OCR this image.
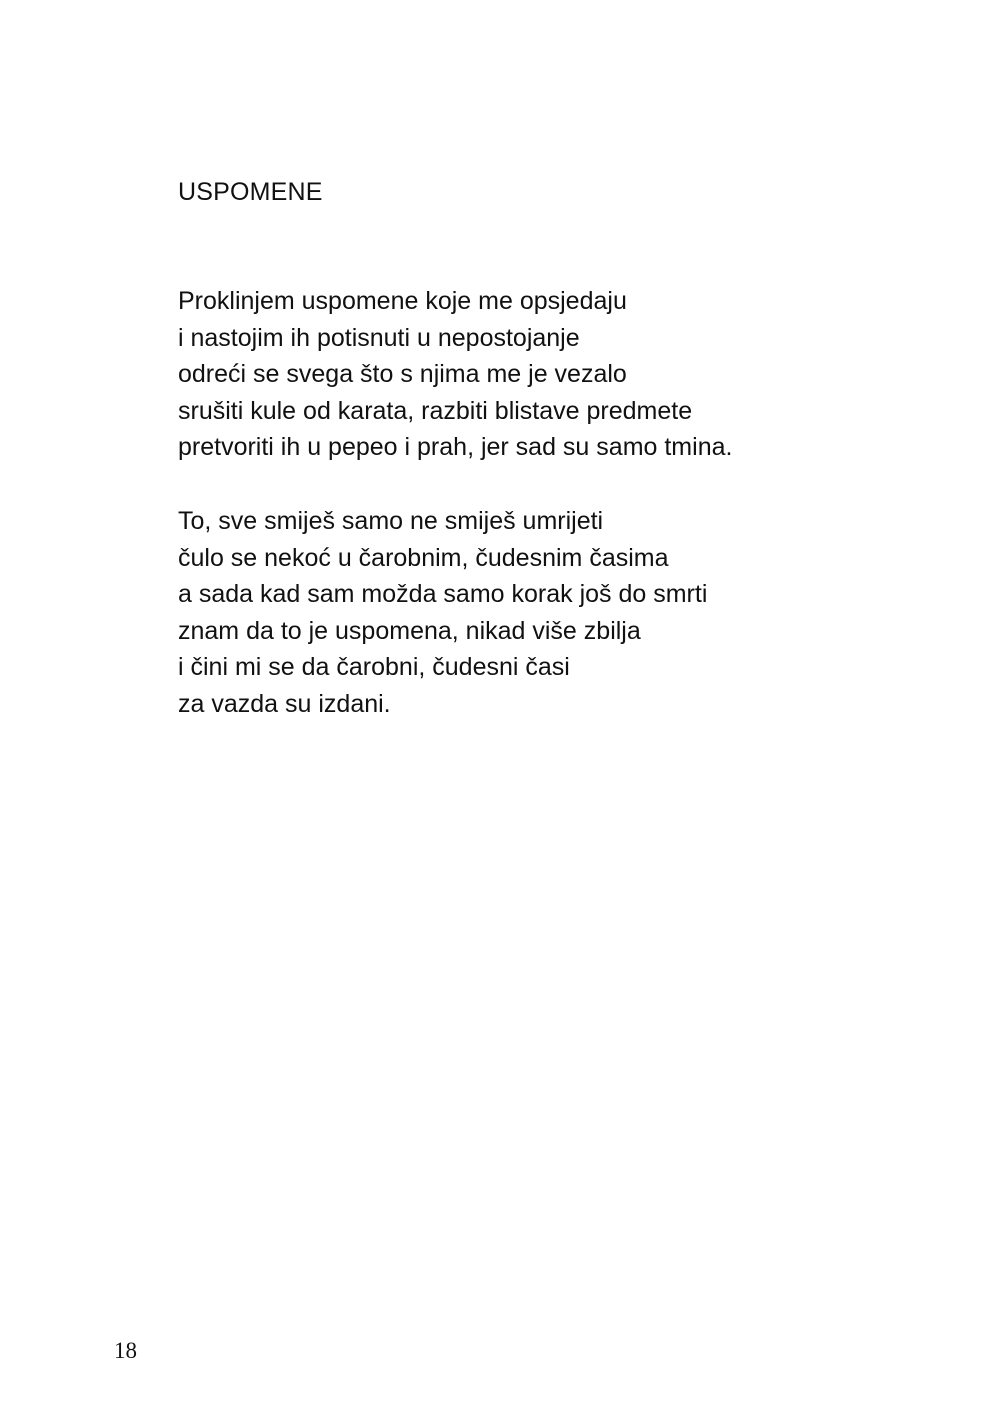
USPOMENE
Proklinjem uspomene koje me opsjedaju
i nastojim ih potisnuti u nepostojanje
odreći se svega što s njima me je vezalo
srušiti kule od karata, razbiti blistave predmete
pretvoriti ih u pepeo i prah, jer sad su samo tmina.
To, sve smiješ samo ne smiješ umrijeti
čulo se nekoć u čarobnim, čudesnim časima
a sada kad sam možda samo korak još do smrti
znam da to je uspomena, nikad više zbilja
i čini mi se da čarobni, čudesni časi
za vazda su izdani.
18
